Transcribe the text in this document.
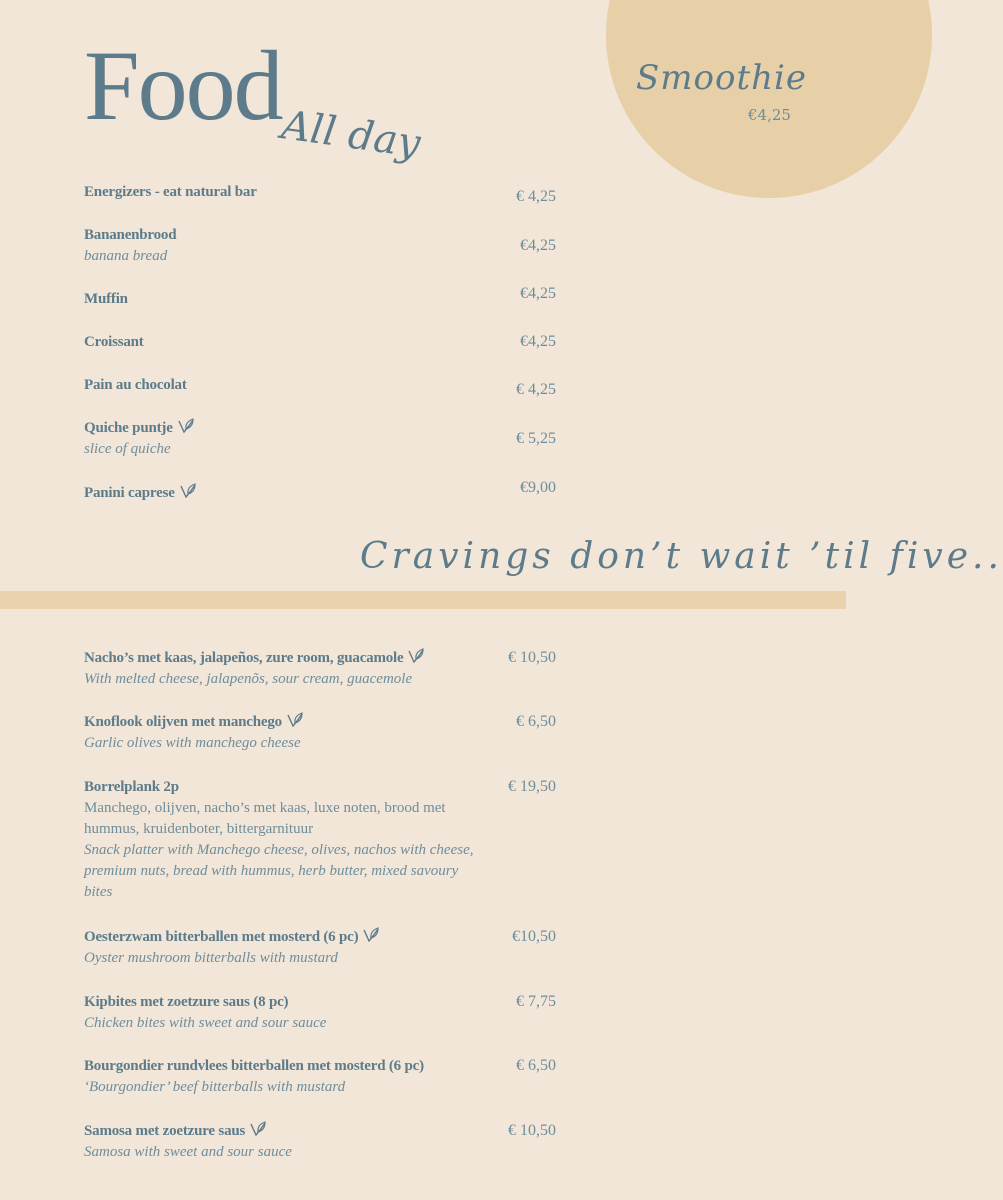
Smoothie
€4,25
Food
All day
Energizers - eat natural bar	€ 4,25
Bananenbrood
banana bread
€4,25
Muffin	€4,25
Croissant	€4,25
Pain au chocolat	€ 4,25
Quiche puntje
slice of quiche
€ 5,25
Panini caprese	€9,00
Cravings don’t wait ’til five..
Nacho’s met kaas, jalapeños, zure room, guacamole
With melted cheese, jalapenõs, sour cream, guacemole
€ 10,50
Knoflook olijven met manchego
Garlic olives with manchego cheese
€ 6,50
Borrelplank 2p
Manchego, olijven, nacho’s met kaas, luxe noten, brood met hummus, kruidenboter, bittergarnituur
Snack platter with Manchego cheese, olives, nachos with cheese, premium nuts, bread with hummus, herb butter, mixed savoury bites
€ 19,50
Oesterzwam bitterballen met mosterd (6 pc)
Oyster mushroom bitterballs with mustard
€10,50
Kipbites met zoetzure saus (8 pc)
Chicken bites with sweet and sour sauce
€ 7,75
Bourgondier rundvlees bitterballen met mosterd (6 pc)
‘Bourgondier’ beef bitterballs with mustard
€ 6,50
Samosa met zoetzure saus
Samosa with sweet and sour sauce
€ 10,50
